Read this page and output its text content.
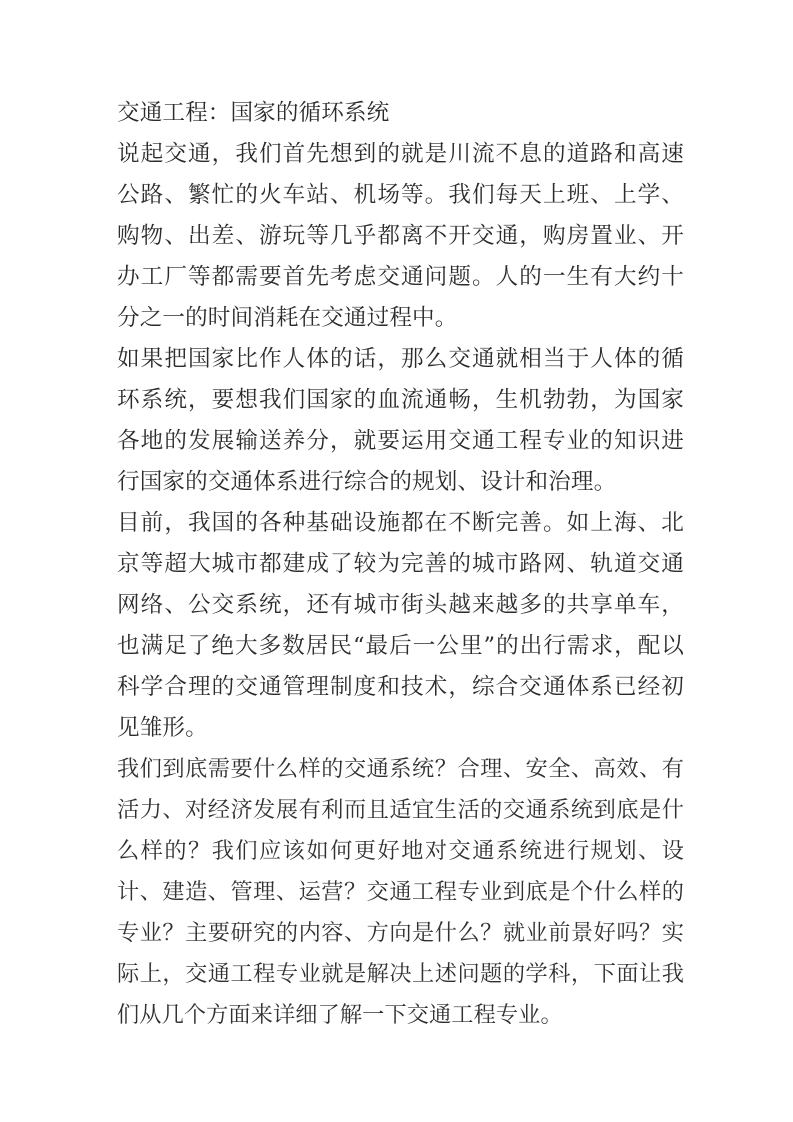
交通工程：国家的循环系统

说起交通，我们首先想到的就是川流不息的道路和高速公路、繁忙的火车站、机场等。我们每天上班、上学、购物、出差、游玩等几乎都离不开交通，购房置业、开办工厂等都需要首先考虑交通问题。人的一生有大约十分之一的时间消耗在交通过程中。

如果把国家比作人体的话，那么交通就相当于人体的循环系统，要想我们国家的血流通畅，生机勃勃，为国家各地的发展输送养分，就要运用交通工程专业的知识进行国家的交通体系进行综合的规划、设计和治理。

目前，我国的各种基础设施都在不断完善。如上海、北京等超大城市都建成了较为完善的城市路网、轨道交通网络、公交系统，还有城市街头越来越多的共享单车，也满足了绝大多数居民“最后一公里”的出行需求，配以科学合理的交通管理制度和技术，综合交通体系已经初见雏形。

我们到底需要什么样的交通系统？合理、安全、高效、有活力、对经济发展有利而且适宜生活的交通系统到底是什么样的？我们应该如何更好地对交通系统进行规划、设计、建造、管理、运营？交通工程专业到底是个什么样的专业？主要研究的内容、方向是什么？就业前景好吗？实际上，交通工程专业就是解决上述问题的学科，下面让我们从几个方面来详细了解一下交通工程专业。
